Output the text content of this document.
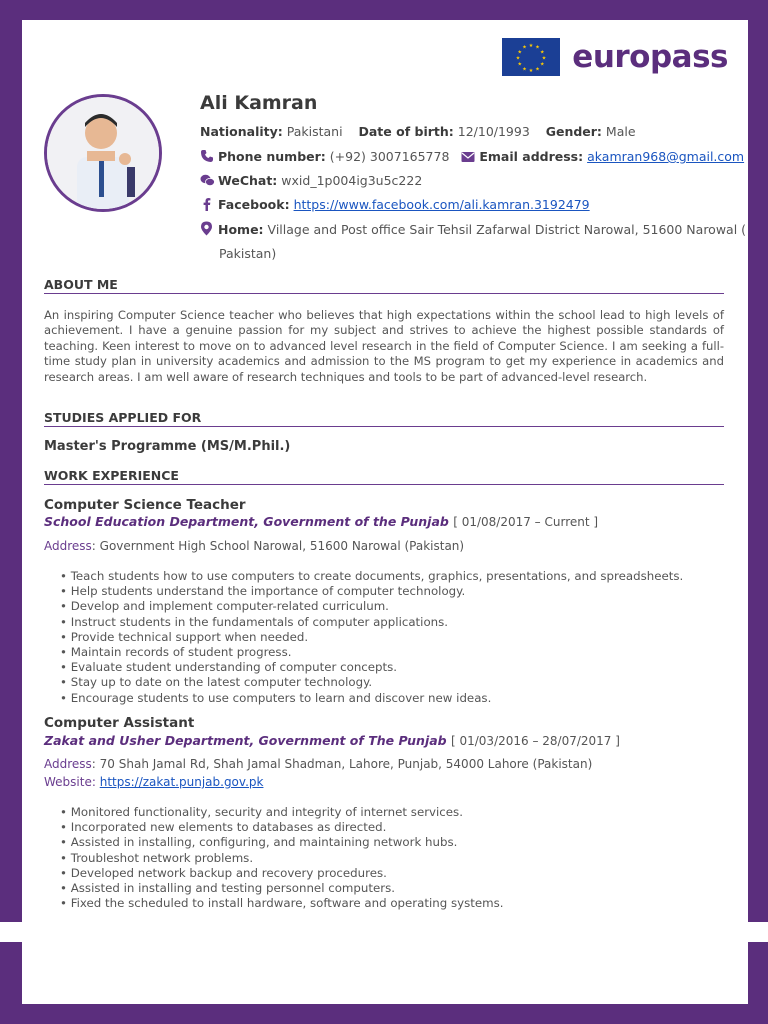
★ ★
★
★
★
★
★
★
★
★
★
★ europass
Ali Kamran
Nationality: Pakistani Date of birth: 12/10/1993 Gender: Male
Phone number: (+92) 3007165778 Email address: akamran968@gmail.com
WeChat: wxid_1p004ig3u5c222
Facebook: https://www.facebook.com/ali.kamran.3192479
Home: Village and Post office Sair Tehsil Zafarwal District Narowal, 51600 Narowal (
Pakistan)
ABOUT ME
An inspiring Computer Science teacher who believes that high expectations within the school lead to high levels of achievement. I have a genuine passion for my subject and strives to achieve the highest possible standards of teaching. Keen interest to move on to advanced level research in the field of Computer Science. I am seeking a full-time study plan in university academics and admission to the MS program to get my experience in academics and research areas. I am well aware of research techniques and tools to be part of advanced-level research.
STUDIES APPLIED FOR
Master's Programme (MS/M.Phil.)
WORK EXPERIENCE
Computer Science Teacher
School Education Department, Government of the Punjab [ 01/08/2017 – Current ]
Address: Government High School Narowal, 51600 Narowal (Pakistan)
• Teach students how to use computers to create documents, graphics, presentations, and spreadsheets.
• Help students understand the importance of computer technology.
• Develop and implement computer-related curriculum.
• Instruct students in the fundamentals of computer applications.
• Provide technical support when needed.
• Maintain records of student progress.
• Evaluate student understanding of computer concepts.
• Stay up to date on the latest computer technology.
• Encourage students to use computers to learn and discover new ideas.
Computer Assistant
Zakat and Usher Department, Government of The Punjab [ 01/03/2016 – 28/07/2017 ]
Address: 70 Shah Jamal Rd, Shah Jamal Shadman, Lahore, Punjab, 54000 Lahore (Pakistan)
Website: https://zakat.punjab.gov.pk
• Monitored functionality, security and integrity of internet services.
• Incorporated new elements to databases as directed.
• Assisted in installing, configuring, and maintaining network hubs.
• Troubleshot network problems.
• Developed network backup and recovery procedures.
• Assisted in installing and testing personnel computers.
• Fixed the scheduled to install hardware, software and operating systems.
